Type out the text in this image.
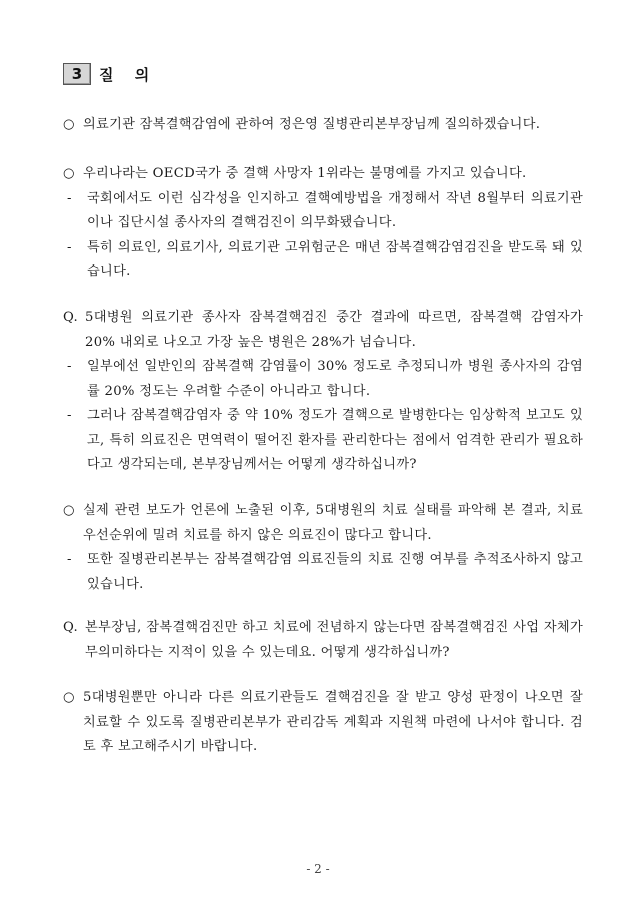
3	질 의
○ 의료기관 잠복결핵감염에 관하여 정은영 질병관리본부장님께 질의하겠습니다.
○ 우리나라는 OECD국가 중 결핵 사망자 1위라는 불명예를 가지고 있습니다.
- 국회에서도 이런 심각성을 인지하고 결핵예방법을 개정해서 작년 8월부터 의료기관이나 집단시설 종사자의 결핵검진이 의무화됐습니다.
- 특히 의료인, 의료기사, 의료기관 고위험군은 매년 잠복결핵감염검진을 받도록 돼 있습니다.
Q. 5대병원 의료기관 종사자 잠복결핵검진 중간 결과에 따르면, 잠복결핵 감염자가 20% 내외로 나오고 가장 높은 병원은 28%가 넘습니다.
- 일부에선 일반인의 잠복결핵 감염률이 30% 정도로 추정되니까 병원 종사자의 감염률 20% 정도는 우려할 수준이 아니라고 합니다.
- 그러나 잠복결핵감염자 중 약 10% 정도가 결핵으로 발병한다는 임상학적 보고도 있고, 특히 의료진은 면역력이 떨어진 환자를 관리한다는 점에서 엄격한 관리가 필요하다고 생각되는데, 본부장님께서는 어떻게 생각하십니까?
○ 실제 관련 보도가 언론에 노출된 이후, 5대병원의 치료 실태를 파악해 본 결과, 치료 우선순위에 밀려 치료를 하지 않은 의료진이 많다고 합니다.
- 또한 질병관리본부는 잠복결핵감염 의료진들의 치료 진행 여부를 추적조사하지 않고 있습니다.
Q. 본부장님, 잠복결핵검진만 하고 치료에 전념하지 않는다면 잠복결핵검진 사업 자체가 무의미하다는 지적이 있을 수 있는데요. 어떻게 생각하십니까?
○ 5대병원뿐만 아니라 다른 의료기관들도 결핵검진을 잘 받고 양성 판정이 나오면 잘 치료할 수 있도록 질병관리본부가 관리감독 계획과 지원책 마련에 나서야 합니다. 검토 후 보고해주시기 바랍니다.
- 2 -
